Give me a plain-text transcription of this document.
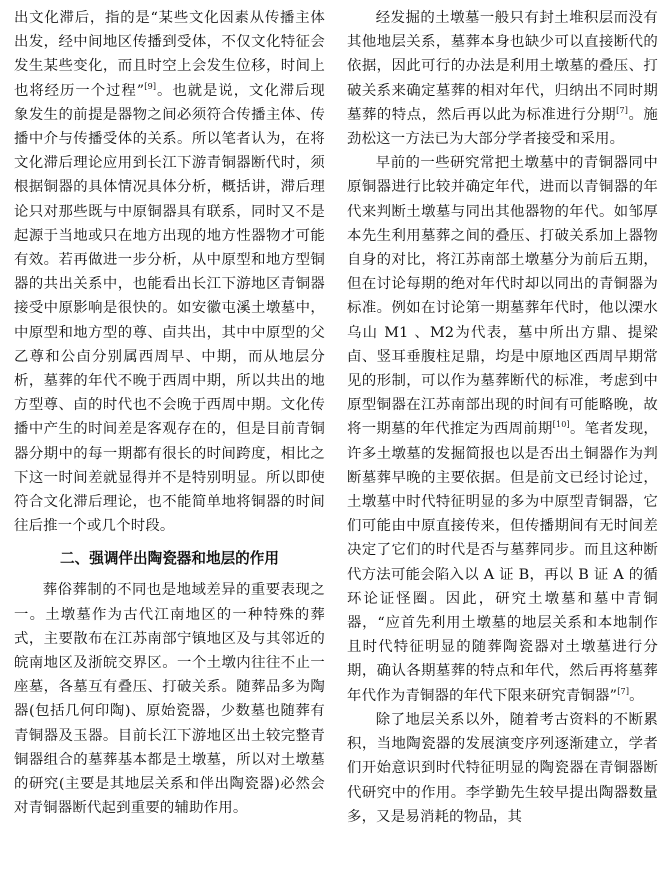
出文化滞后，指的是“某些文化因素从传播主体出发，经中间地区传播到受体，不仅文化特征会发生某些变化，而且时空上会发生位移，时间上也将经历一个过程”[9]。也就是说，文化滞后现象发生的前提是器物之间必须符合传播主体、传播中介与传播受体的关系。所以笔者认为，在将文化滞后理论应用到长江下游青铜器断代时，须根据铜器的具体情况具体分析，概括讲，滞后理论只对那些既与中原铜器具有联系，同时又不是起源于当地或只在地方出现的地方性器物才可能有效。若再做进一步分析，从中原型和地方型铜器的共出关系中，也能看出长江下游地区青铜器接受中原影响是很快的。如安徽屯溪土墩墓中，中原型和地方型的尊、卣共出，其中中原型的父乙尊和公卣分别属西周早、中期，而从地层分析，墓葬的年代不晚于西周中期，所以共出的地方型尊、卣的时代也不会晚于西周中期。文化传播中产生的时间差是客观存在的，但是目前青铜器分期中的每一期都有很长的时间跨度，相比之下这一时间差就显得并不是特别明显。所以即使符合文化滞后理论，也不能简单地将铜器的时间往后推一个或几个时段。

二、强调伴出陶瓷器和地层的作用

葬俗葬制的不同也是地域差异的重要表现之一。土墩墓作为古代江南地区的一种特殊的葬式，主要散布在江苏南部宁镇地区及与其邻近的皖南地区及浙皖交界区。一个土墩内往往不止一座墓，各墓互有叠压、打破关系。随葬品多为陶器(包括几何印陶)、原始瓷器，少数墓也随葬有青铜器及玉器。目前长江下游地区出土较完整青铜器组合的墓葬基本都是土墩墓，所以对土墩墓的研究(主要是其地层关系和伴出陶瓷器)必然会对青铜器断代起到重要的辅助作用。

经发掘的土墩墓一般只有封土堆积层而没有其他地层关系，墓葬本身也缺少可以直接断代的依据，因此可行的办法是利用土墩墓的叠压、打破关系来确定墓葬的相对年代，归纳出不同时期墓葬的特点，然后再以此为标准进行分期[7]。施劲松这一方法已为大部分学者接受和采用。

早前的一些研究常把土墩墓中的青铜器同中原铜器进行比较并确定年代，进而以青铜器的年代来判断土墩墓与同出其他器物的年代。如邹厚本先生利用墓葬之间的叠压、打破关系加上器物自身的对比，将江苏南部土墩墓分为前后五期，但在讨论每期的绝对年代时却以同出的青铜器为标准。例如在讨论第一期墓葬年代时，他以溧水乌山 M1 、M2为代表，墓中所出方鼎、提梁卣、竖耳垂腹柱足鼎，均是中原地区西周早期常见的形制，可以作为墓葬断代的标准，考虑到中原型铜器在江苏南部出现的时间有可能略晚，故将一期墓的年代推定为西周前期[10]。笔者发现，许多土墩墓的发掘简报也以是否出土铜器作为判断墓葬早晚的主要依据。但是前文已经讨论过，土墩墓中时代特征明显的多为中原型青铜器，它们可能由中原直接传来，但传播期间有无时间差决定了它们的时代是否与墓葬同步。而且这种断代方法可能会陷入以 A 证 B，再以 B 证 A 的循环论证怪圈。因此，研究土墩墓和墓中青铜器，“应首先利用土墩墓的地层关系和本地制作且时代特征明显的随葬陶瓷器对土墩墓进行分期，确认各期墓葬的特点和年代，然后再将墓葬年代作为青铜器的年代下限来研究青铜器”[7]。

除了地层关系以外，随着考古资料的不断累积，当地陶瓷器的发展演变序列逐渐建立，学者们开始意识到时代特征明显的陶瓷器在青铜器断代研究中的作用。李学勤先生较早提出陶器数量多，又是易消耗的物品，其
